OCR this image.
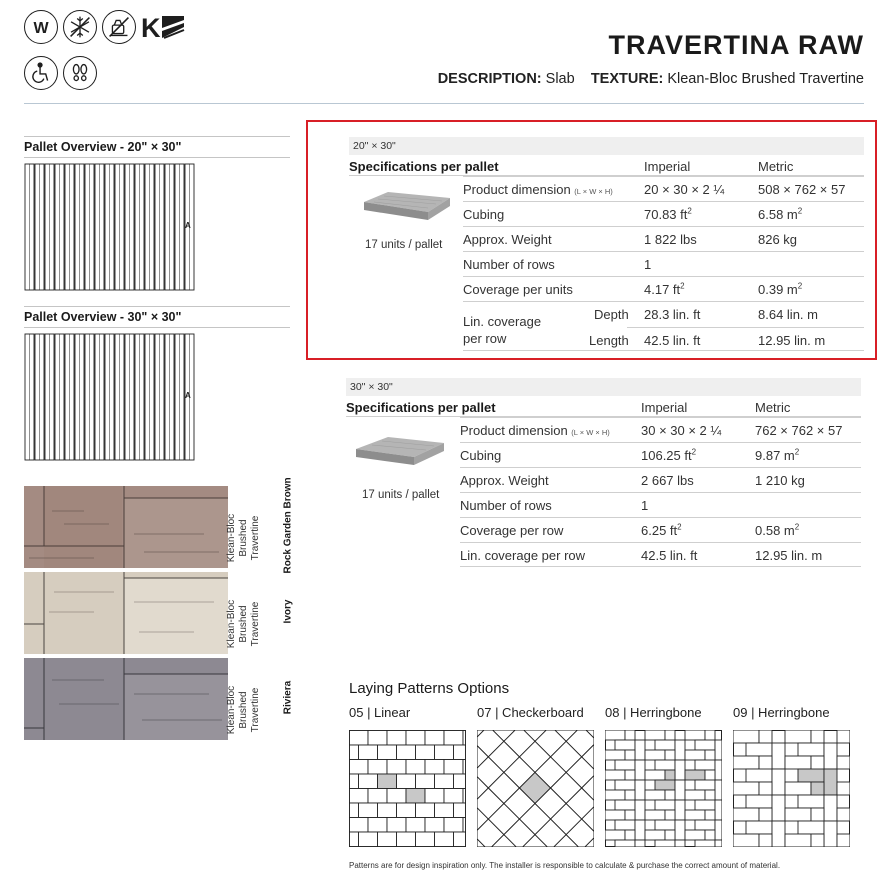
W	K
TRAVERTINA RAW
DESCRIPTION: Slab TEXTURE: Klean-Bloc Brushed Travertine
Pallet Overview - 20" × 30"
A
Pallet Overview - 30" × 30"
A
Klean-Bloc
Brushed Travertine Rock Garden Brown
Klean-Bloc
Brushed Travertine Ivory
Klean-Bloc
Brushed Travertine Riviera
20" × 30"
Specifications per pallet	Imperial	Metric
17 units / pallet
Product dimension (L × W × H) 20 × 30 × 2 ¼	508 × 762 × 57
Cubing	70.83 $ft^2$	6.58 $m^2$
Approx. Weight	1 822 lbs	826 kg
Number of rows	1
Coverage per units	4.17 $ft^2$	0.39 $m^2$
Lin. coverage
per row
Depth 28.3 lin. ft	8.64 lin. m
Length 42.5 lin. ft	12.95 lin. m
30" × 30"
Specifications per pallet	Imperial	Metric
17 units / pallet
Product dimension (L × W × H) 30 × 30 × 2 ¼	762 × 762 × 57
Cubing	106.25 $ft^2$	9.87 $m^2$
Approx. Weight	2 667 lbs	1 210 kg
Number of rows	1
Coverage per row	6.25 $ft^2$	0.58 $m^2$
Lin. coverage per row	42.5 lin. ft	12.95 lin. m
Laying Patterns Options
05 | Linear	07 | Checkerboard 08 | Herringbone 09 | Herringbone
Patterns are for design inspiration only. The installer is responsible to calculate & purchase the correct amount of material.
